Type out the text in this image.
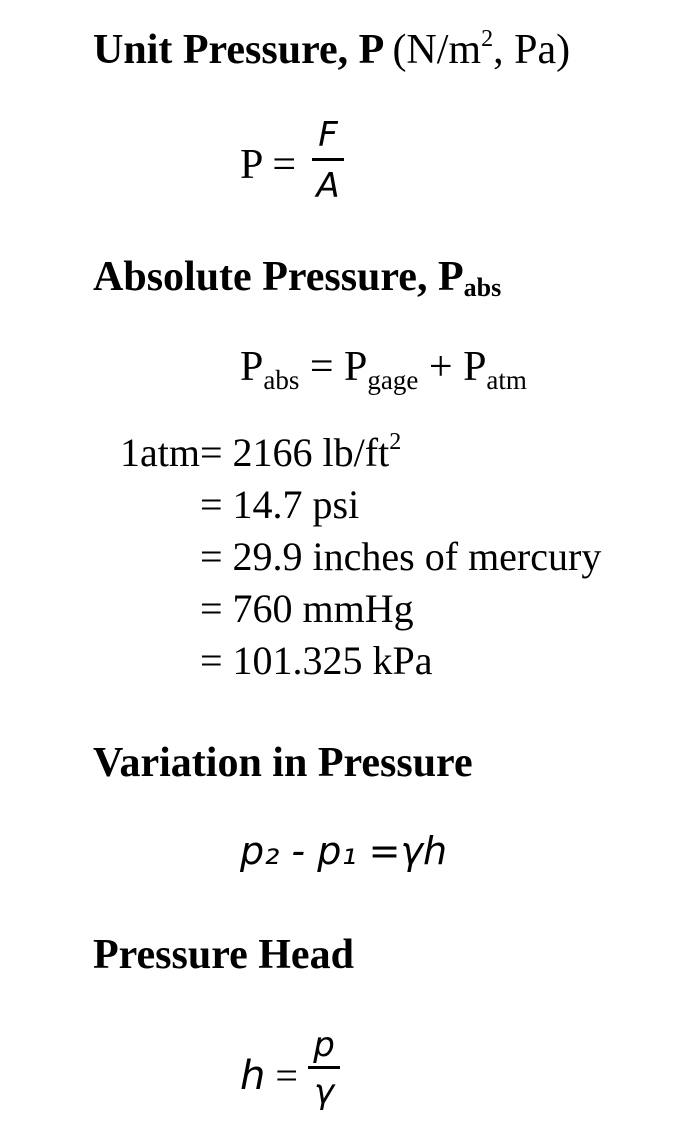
Unit Pressure, P ($N/m^2$, Pa)
P =
F
A
Absolute Pressure, Pabs
$P_{abs} = P_{gage} + P_{atm}$
1atm= 2166 $lb/ft^2$
= 14.7 psi
= 29.9 inches of mercury
= 760 mmHg
= 101.325 kPa
Variation in Pressure
p₂ - p₁ =γh
Pressure Head
h =
p
γ
